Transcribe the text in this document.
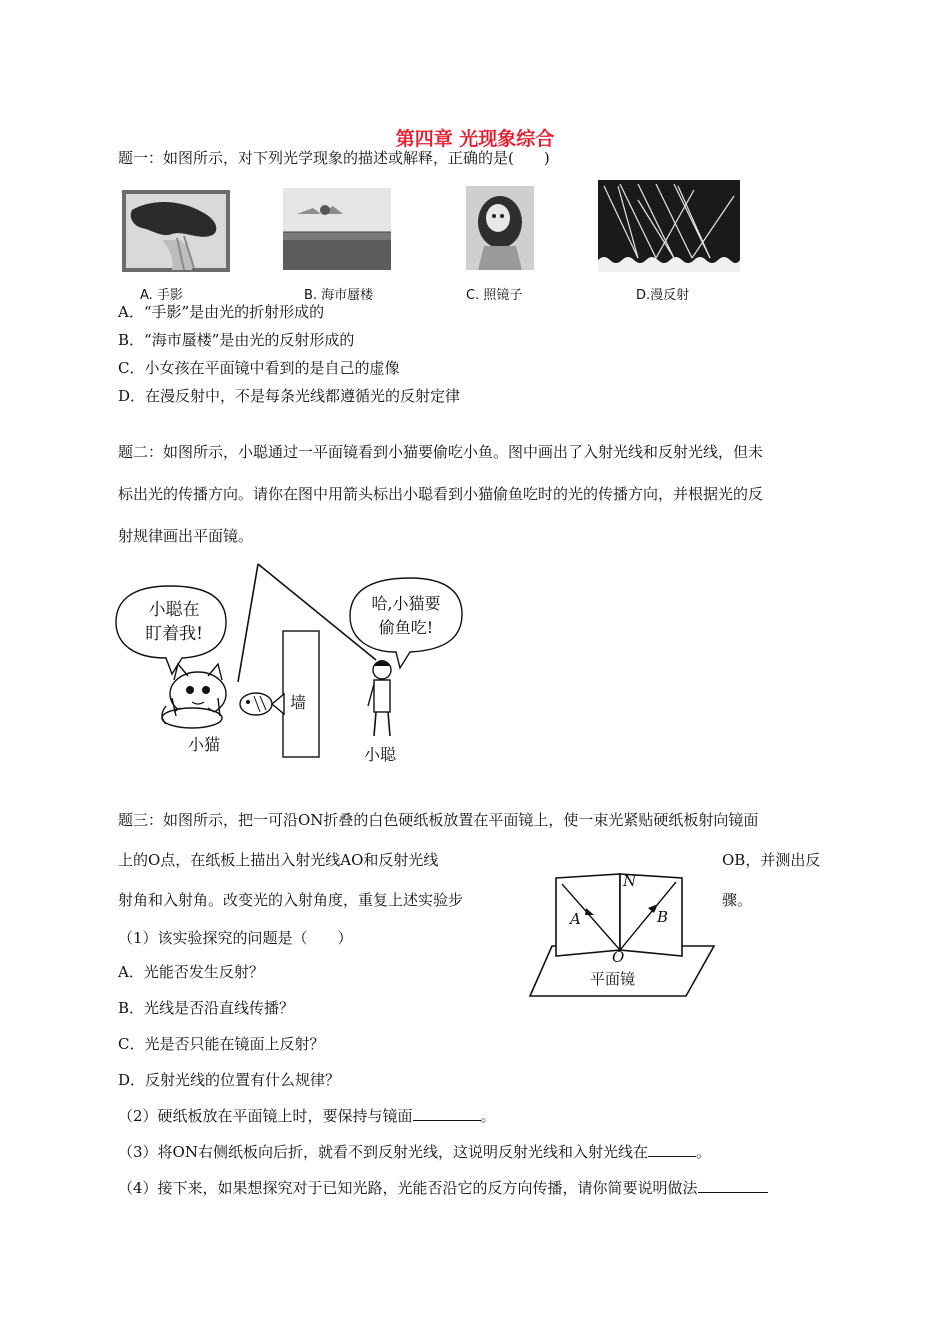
第四章 光现象综合
题一：如图所示，对下列光学现象的描述或解释，正确的是(　　)
A. 手影	B. 海市蜃楼	C. 照镜子	D.漫反射
A．“手影”是由光的折射形成的
B．“海市蜃楼”是由光的反射形成的
C．小女孩在平面镜中看到的是自己的虚像
D．在漫反射中，不是每条光线都遵循光的反射定律
题二：如图所示，小聪通过一平面镜看到小猫要偷吃小鱼。图中画出了入射光线和反射光线，但未
标出光的传播方向。请你在图中用箭头标出小聪看到小猫偷鱼吃时的光的传播方向，并根据光的反
射规律画出平面镜。
小聪在
盯着我!
哈,小猫要
偷鱼吃!
墙
小猫
小聪
题三：如图所示，把一可沿ON折叠的白色硬纸板放置在平面镜上，使一束光紧贴硬纸板射向镜面
上的O点，在纸板上描出入射光线AO和反射光线	OB，并测出反
射角和入射角。改变光的入射角度，重复上述实验步	骤。
N
A	B
O
平面镜
（1）该实验探究的问题是（　　）
A．光能否发生反射？
B．光线是否沿直线传播？
C．光是否只能在镜面上反射？
D．反射光线的位置有什么规律？
（2）硬纸板放在平面镜上时，要保持与镜面	。
（3）将ON右侧纸板向后折，就看不到反射光线，这说明反射光线和入射光线在	。
（4）接下来，如果想探究对于已知光路，光能否沿它的反方向传播，请你简要说明做法
